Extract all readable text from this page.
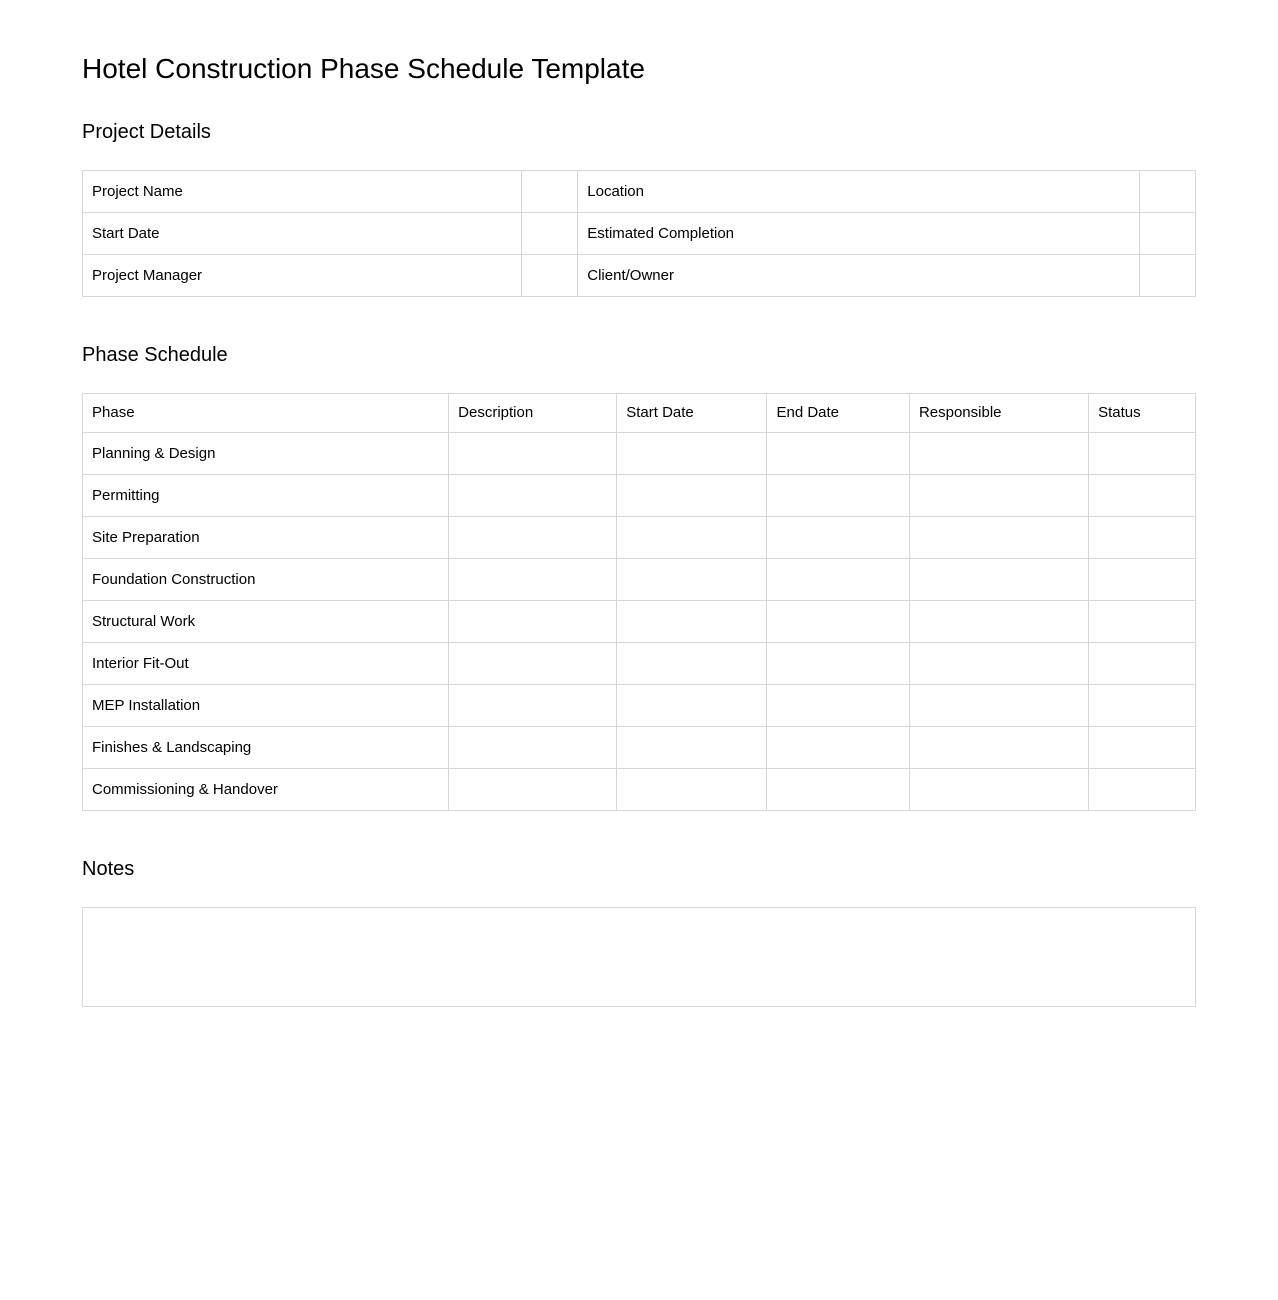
Hotel Construction Phase Schedule Template
Project Details
Project Name		Location	
Start Date		Estimated Completion	
Project Manager		Client/Owner	
Phase Schedule
Phase	Description	Start Date	End Date	Responsible	Status
Planning & Design					
Permitting					
Site Preparation					
Foundation Construction					
Structural Work					
Interior Fit-Out					
MEP Installation					
Finishes & Landscaping					
Commissioning & Handover					
Notes
